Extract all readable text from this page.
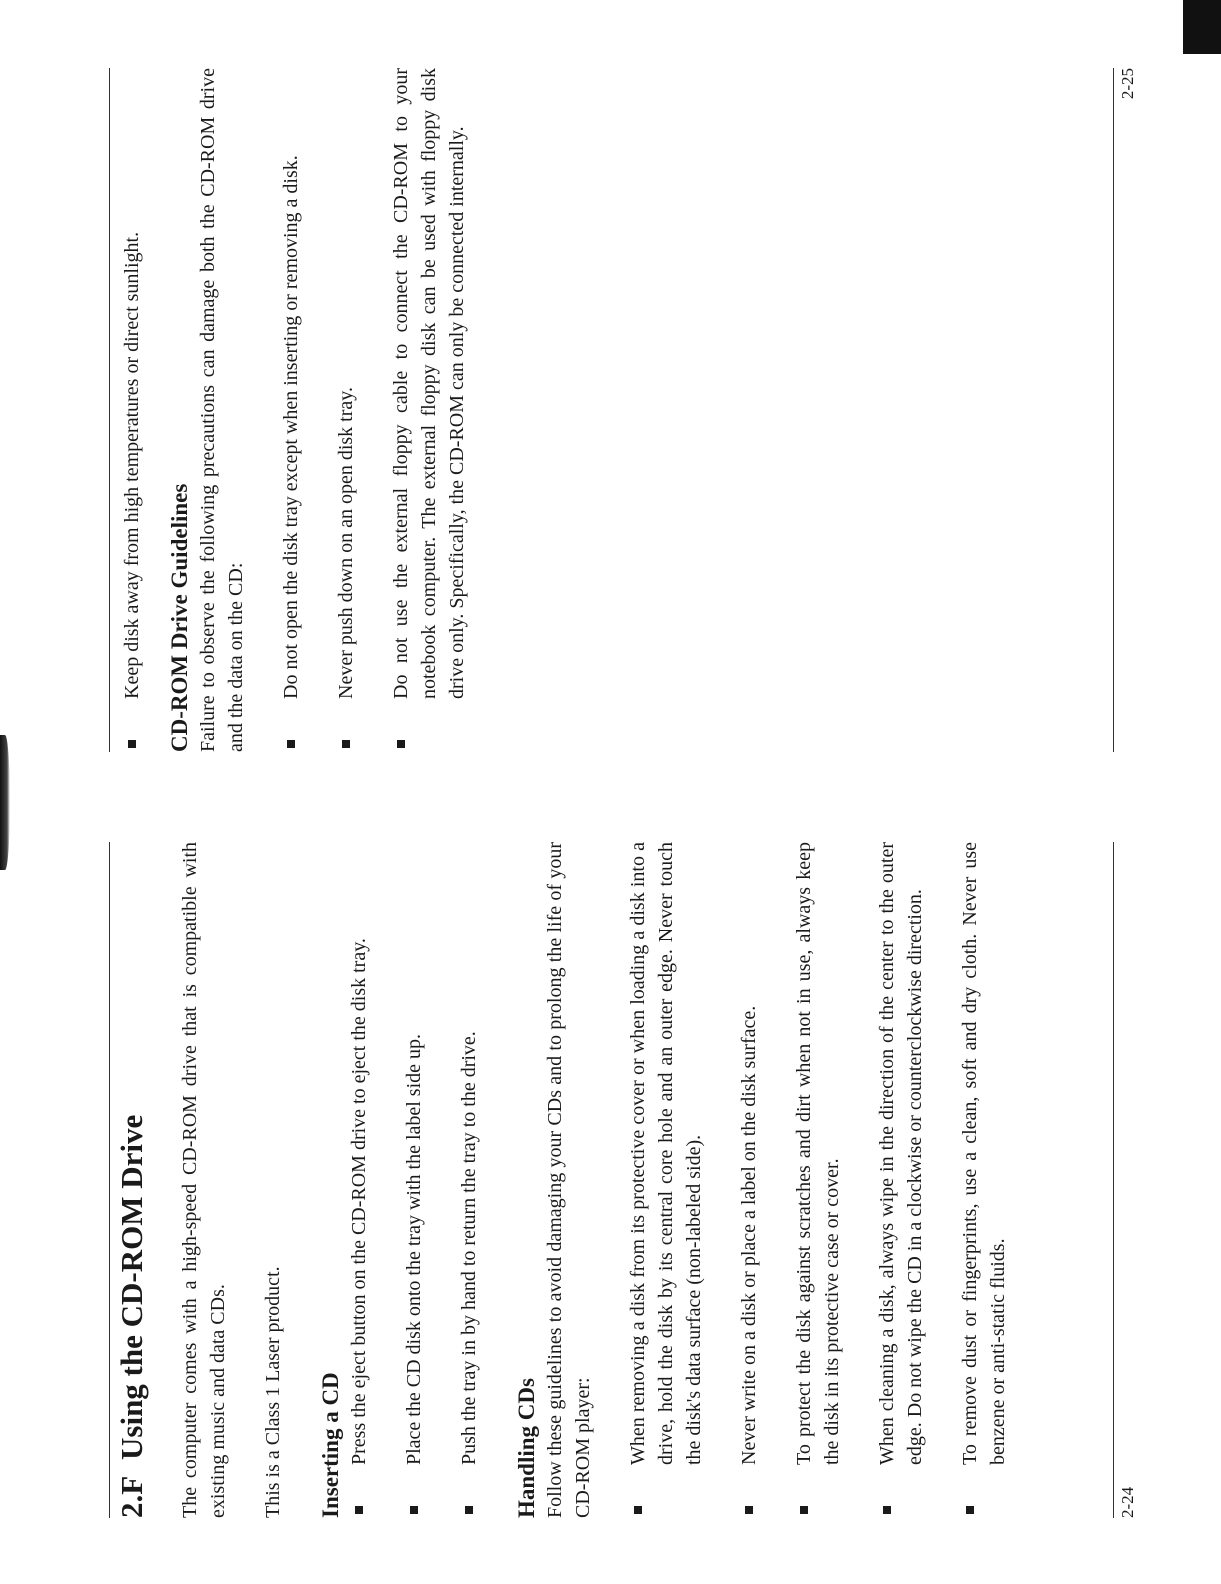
2.F
Using the CD-ROM Drive The computer comes with a high-speed CD-ROM drive that is compatible with existing music and data CDs. This is a Class 1 Laser product. Inserting a CD Press the eject button on the CD-ROM drive to eject the disk tray. Place the CD disk onto the tray with the label side up. Push the tray in by hand to return the tray to the drive. Handling CDs Follow these guidelines to avoid damaging your CDs and to prolong the life of your CD-ROM player: When removing a disk from its protective cover or when loading a disk into a drive, hold the disk by its central core hole and an outer edge. Never touch the disk's data surface (non-labeled side). Never write on a disk or place a label on the disk surface. To protect the disk against scratches and dirt when not in use, always keep the disk in its protective case or cover. When cleaning a disk, always wipe in the direction of the center to the outer edge. Do not wipe the CD in a clockwise or counterclockwise direction. To remove dust or fingerprints, use a clean, soft and dry cloth. Never use benzene or anti-static fluids.
2-24
Keep disk away from high temperatures or direct sunlight. CD-ROM Drive Guidelines Failure to observe the following precautions can damage both the CD-ROM drive and the data on the CD: Do not open the disk tray except when inserting or removing a disk. Never push down on an open disk tray. Do not use the external floppy cable to connect the CD-ROM to your notebook computer. The external floppy disk can be used with floppy disk drive only. Specifically, the CD-ROM can only be connected internally.
2-25
